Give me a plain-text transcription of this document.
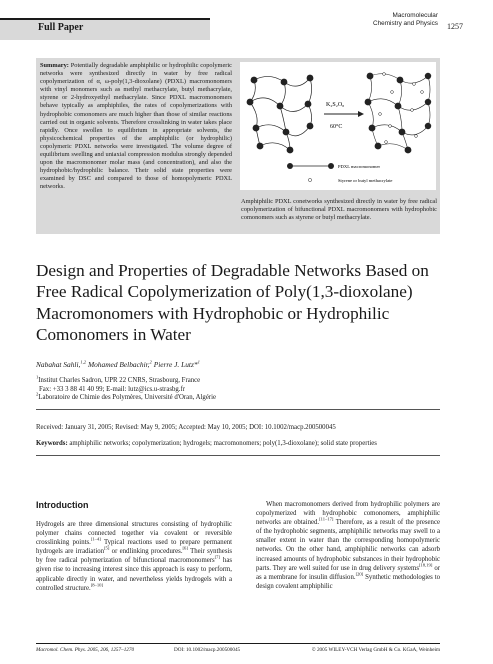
Full Paper
Macromolecular
Chemistry and Physics 1257
Summary: Potentially degradable amphiphilic or hydrophilic copolymeric networks were synthesized directly in water by free radical copolymerization of α, ω-poly(1,3-dioxolane) (PDXL) macromonomers with vinyl monomers such as methyl methacrylate, butyl methacrylate, styrene or 2-hydroxyethyl methacrylate. Since PDXL macromonomers behave typically as amphiphiles, the rates of copolymerizations with hydrophobic comonomers are much higher than those of similar reactions carried out in organic solvents. Therefore crosslinking in water takes place rapidly. Once swollen to equilibrium in appropriate solvents, the physicochemical properties of the amphiphilic (or hydrophilic) copolymeric PDXL networks were investigated. The volume degree of equilibrium swelling and uniaxial compression modulus strongly depended upon the macromonomer molar mass (and concentration), and also the hydrophobic/hydrophilic balance. Their solid state properties were examined by DSC and compared to those of homopolymeric PDXL networks.
K₂S₂O₈
60°C
PDXL macromonomer
Styrene or butyl methacrylate
Amphiphilic PDXL conetworks synthesized directly in water by free radical copolymerization of bifunctional PDXL macromonomers with hydrophobic comonomers such as styrene or butyl methacrylate.
Design and Properties of Degradable Networks Based on Free Radical Copolymerization of Poly(1,3-dioxolane) Macromonomers with Hydrophobic or Hydrophilic Comonomers in Water
Nabahat Sahli,$^{1,2}$ Mohamed Belbachir,$^2$ Pierre J. Lutz*$^1$
$^1$Institut Charles Sadron, UPR 22 CNRS, Strasbourg, France
Fax: +33 3 88 41 40 99; E-mail: lutz@ics.u-strasbg.fr
$^2$Laboratoire de Chimie des Polymères, Université d'Oran, Algérie
Received: January 31, 2005; Revised: May 9, 2005; Accepted: May 10, 2005; DOI: 10.1002/macp.200500045
Keywords: amphiphilic networks; copolymerization; hydrogels; macromonomers; poly(1,3-dioxolane); solid state properties
Introduction
Hydrogels are three dimensional structures consisting of hydrophilic polymer chains connected together via covalent or reversible crosslinking points.[1–4] Typical reactions used to prepare permanent hydrogels are irradiation[5] or endlinking procedures.[6] Their synthesis by free radical polymerization of bifunctional macromonomers[7] has given rise to increasing interest since this approach is easy to perform, applicable directly in water, and nevertheless yields hydrogels with a controlled structure.[8–10]

When macromonomers derived from hydrophilic polymers are copolymerized with hydrophobic comonomers, amphiphilic networks are obtained.[11–17] Therefore, as a result of the presence of the hydrophobic segments, amphiphilic networks may swell to a smaller extent in water than the corresponding homopolymeric networks. On the other hand, amphiphilic networks can adsorb increased amounts of hydrophobic substances in their hydrophobic parts. They are well suited for use in drug delivery systems[18,19] or as a membrane for insulin diffusion.[20] Synthetic methodologies to design covalent amphiphilic

Macromol. Chem. Phys. 2005, 206, 1257–1270	DOI: 10.1002/macp.200500045	© 2005 WILEY-VCH Verlag GmbH & Co. KGaA, Weinheim
